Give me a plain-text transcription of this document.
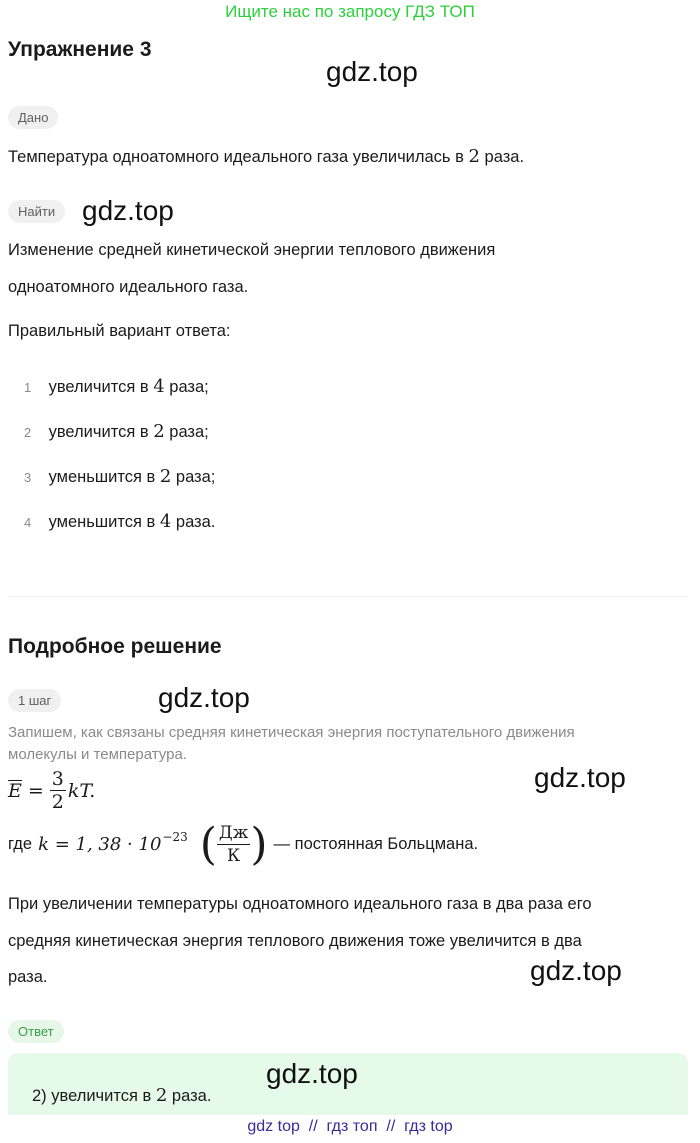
Ищите нас по запросу ГДЗ ТОП
Упражнение 3
gdz.top
Дано
Температура одноатомного идеального газа увеличилась в 2 раза.
Найти gdz.top
Изменение средней кинетической энергии теплового движения
одноатомного идеального газа.
Правильный вариант ответа:
1 увеличится в 4 раза;
2 увеличится в 2 раза;
3 уменьшится в 2 раза;
4 уменьшится в 4 раза.
Подробное решение
1 шаг	gdz.top
Запишем, как связаны средняя кинетическая энергия поступательного движения
молекулы и температура.
gdz.top
$E = \frac{3}{2}$ kT.
где k = 1, $38 \cdot 10^{-23}$ ( $\frac{Дж}{К}$ ) — постоянная Больцмана.
При увеличении температуры одноатомного идеального газа в два раза его
средняя кинетическая энергия теплового движения тоже увеличится в два
раза.	gdz.top
Ответ
2) увеличится в 2 раза.
gdz.top
gdz top  //  гдз топ  //  гдз top
